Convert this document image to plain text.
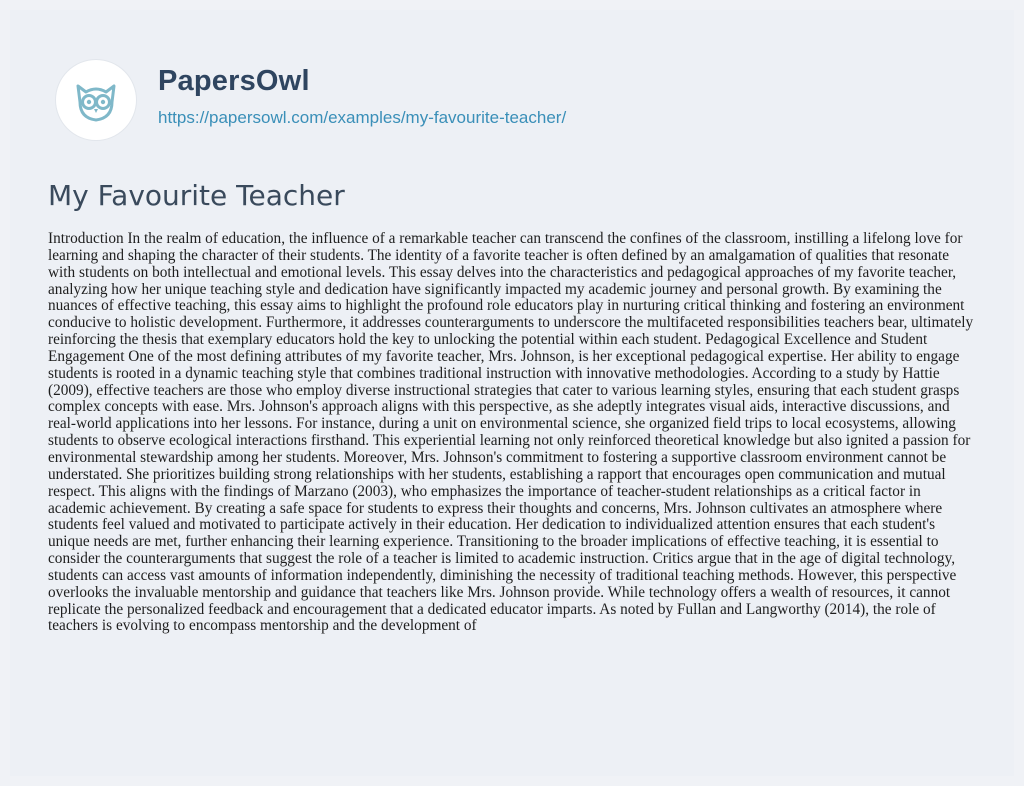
PapersOwl
https://papersowl.com/examples/my-favourite-teacher/
My Favourite Teacher

Introduction In the realm of education, the influence of a remarkable teacher can transcend the confines of the classroom, instilling a lifelong love for learning and shaping the character of their students. The identity of a favorite teacher is often defined by an amalgamation of qualities that resonate with students on both intellectual and emotional levels. This essay delves into the characteristics and pedagogical approaches of my favorite teacher, analyzing how her unique teaching style and dedication have significantly impacted my academic journey and personal growth. By examining the nuances of effective teaching, this essay aims to highlight the profound role educators play in nurturing critical thinking and fostering an environment conducive to holistic development. Furthermore, it addresses counterarguments to underscore the multifaceted responsibilities teachers bear, ultimately reinforcing the thesis that exemplary educators hold the key to unlocking the potential within each student. Pedagogical Excellence and Student Engagement One of the most defining attributes of my favorite teacher, Mrs. Johnson, is her exceptional pedagogical expertise. Her ability to engage students is rooted in a dynamic teaching style that combines traditional instruction with innovative methodologies. According to a study by Hattie (2009), effective teachers are those who employ diverse instructional strategies that cater to various learning styles, ensuring that each student grasps complex concepts with ease. Mrs. Johnson's approach aligns with this perspective, as she adeptly integrates visual aids, interactive discussions, and real-world applications into her lessons. For instance, during a unit on environmental science, she organized field trips to local ecosystems, allowing students to observe ecological interactions firsthand. This experiential learning not only reinforced theoretical knowledge but also ignited a passion for environmental stewardship among her students. Moreover, Mrs. Johnson's commitment to fostering a supportive classroom environment cannot be understated. She prioritizes building strong relationships with her students, establishing a rapport that encourages open communication and mutual respect. This aligns with the findings of Marzano (2003), who emphasizes the importance of teacher-student relationships as a critical factor in academic achievement. By creating a safe space for students to express their thoughts and concerns, Mrs. Johnson cultivates an atmosphere where students feel valued and motivated to participate actively in their education. Her dedication to individualized attention ensures that each student's unique needs are met, further enhancing their learning experience. Transitioning to the broader implications of effective teaching, it is essential to consider the counterarguments that suggest the role of a teacher is limited to academic instruction. Critics argue that in the age of digital technology, students can access vast amounts of information independently, diminishing the necessity of traditional teaching methods. However, this perspective overlooks the invaluable mentorship and guidance that teachers like Mrs. Johnson provide. While technology offers a wealth of resources, it cannot replicate the personalized feedback and encouragement that a dedicated educator imparts. As noted by Fullan and Langworthy (2014), the role of teachers is evolving to encompass mentorship and the development of
